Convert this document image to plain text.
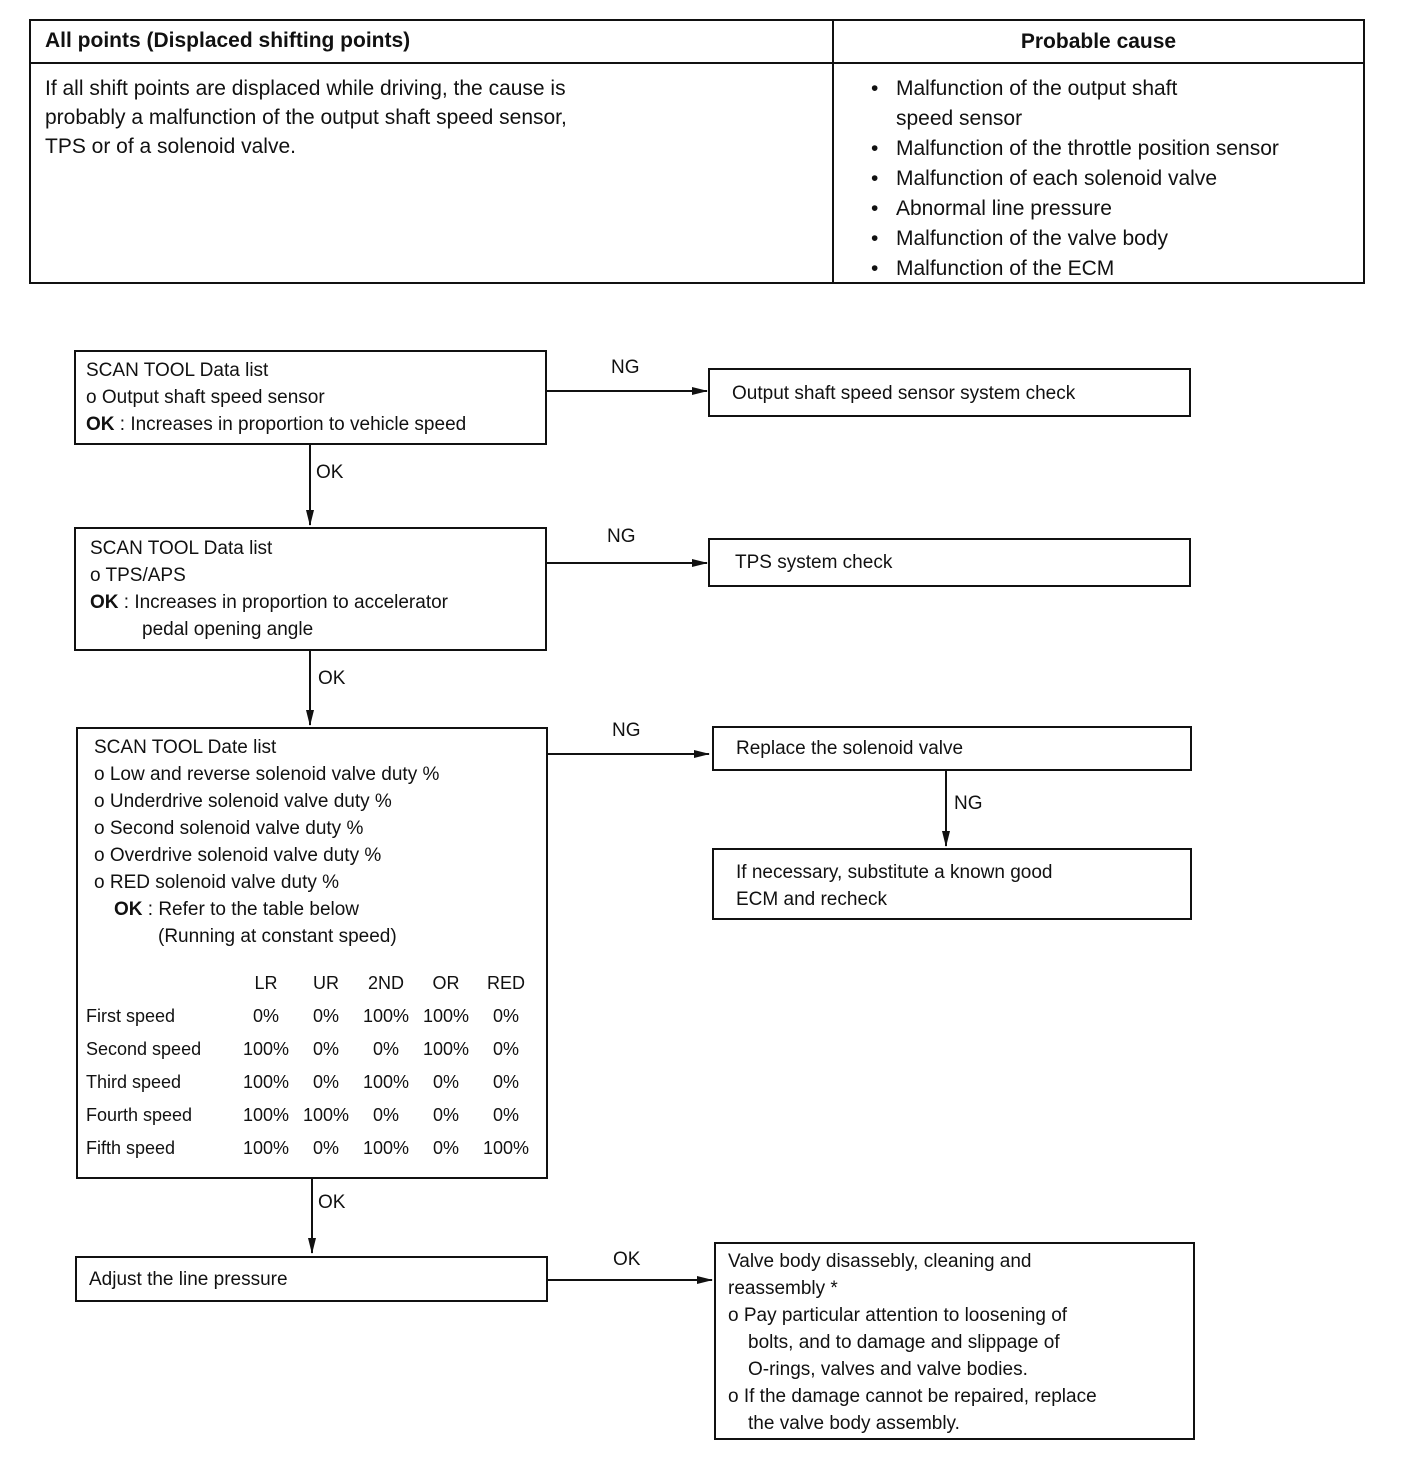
All points (Displaced shifting points)	Probable cause
If all shift points are displaced while driving, the cause is
probably a malfunction of the output shaft speed sensor,
TPS or of a solenoid valve.
• Malfunction of the output shaft
speed sensor
• Malfunction of the throttle position sensor
• Malfunction of each solenoid valve
• Abnormal line pressure
• Malfunction of the valve body
• Malfunction of the ECM
NG
OK
NG
OK
NG
NG
OK
OK
SCAN TOOL Data list
o Output shaft speed sensor
OK : Increases in proportion to vehicle speed
Output shaft speed sensor system check
SCAN TOOL Data list
o TPS/APS
OK : Increases in proportion to accelerator
pedal opening angle
TPS system check
SCAN TOOL Date list
o Low and reverse solenoid valve duty %
o Underdrive solenoid valve duty %
o Second solenoid valve duty %
o Overdrive solenoid valve duty %
o RED solenoid valve duty %
OK : Refer to the table below
(Running at constant speed)
	LR	UR	2ND	OR	RED
First speed	0%	0%	100%	100%	0%
Second speed	100%	0%	0%	100%	0%
Third speed	100%	0%	100%	0%	0%
Fourth speed	100%	100%	0%	0%	0%
Fifth speed	100%	0%	100%	0%	100%
Replace the solenoid valve
If necessary, substitute a known good
ECM and recheck
Adjust the line pressure
Valve body disassebly, cleaning and
reassembly *
o Pay particular attention to loosening of
bolts, and to damage and slippage of
O-rings, valves and valve bodies.
o If the damage cannot be repaired, replace
the valve body assembly.
